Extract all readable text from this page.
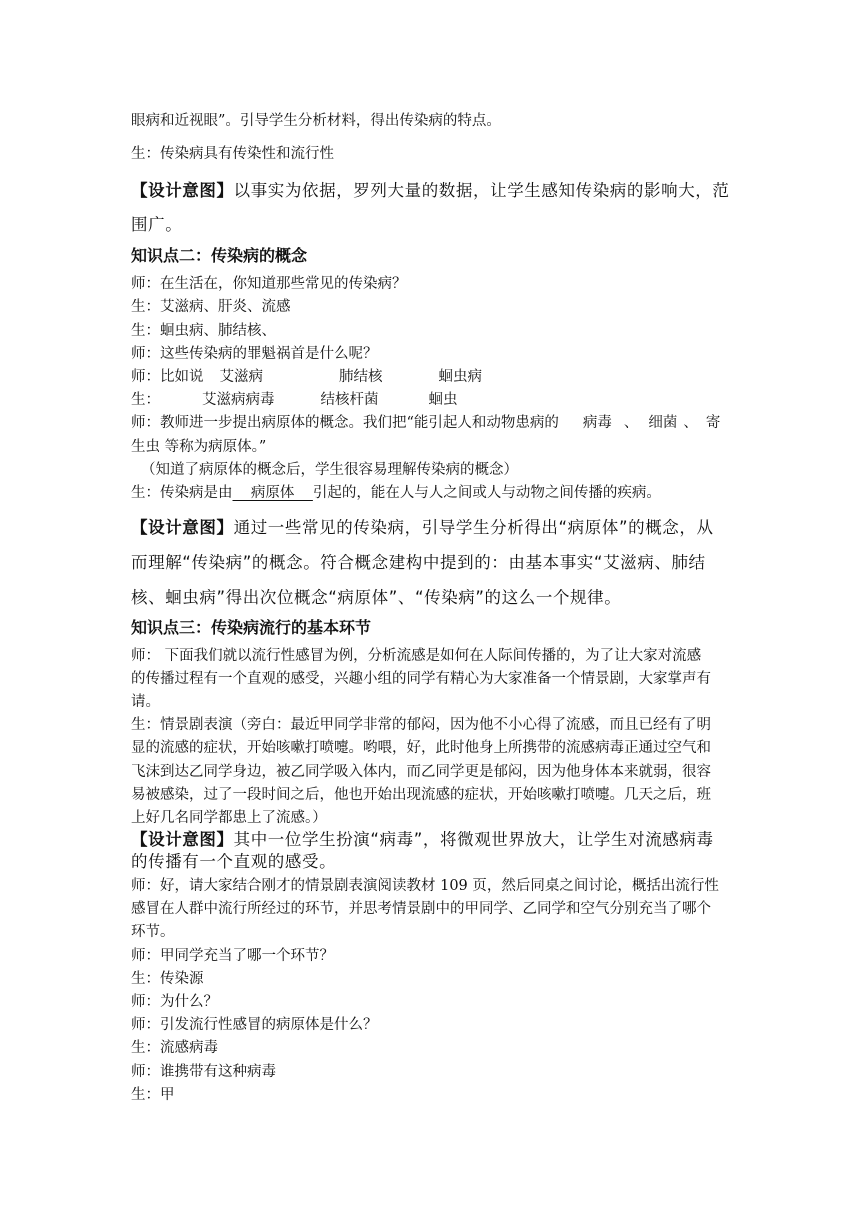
眼病和近视眼”。引导学生分析材料，得出传染病的特点。
生：传染病具有传染性和流行性
【设计意图】以事实为依据，罗列大量的数据，让学生感知传染病的影响大，范
围广。
知识点二：传染病的概念
师：在生活在，你知道那些常见的传染病？
生：艾滋病、肝炎、流感
生：蛔虫病、肺结核、
师：这些传染病的罪魁祸首是什么呢？
师：比如说 艾滋病	肺结核	蛔虫病
生：	艾滋病病毒	结核杆菌	蛔虫
师：教师进一步提出病原体的概念。我们把“能引起人和动物患病的 病毒 、 细菌 、 寄
生虫 等称为病原体。”
（知道了病原体的概念后，学生很容易理解传染病的概念）
生：传染病是由    病原体    引起的，能在人与人之间或人与动物之间传播的疾病。
【设计意图】通过一些常见的传染病，引导学生分析得出“病原体”的概念，从
而理解“传染病”的概念。符合概念建构中提到的：由基本事实“艾滋病、肺结
核、蛔虫病”得出次位概念“病原体”、“传染病”的这么一个规律。
知识点三：传染病流行的基本环节
师： 下面我们就以流行性感冒为例，分析流感是如何在人际间传播的，为了让大家对流感
的传播过程有一个直观的感受，兴趣小组的同学有精心为大家准备一个情景剧，大家掌声有
请。
生：情景剧表演（旁白：最近甲同学非常的郁闷，因为他不小心得了流感，而且已经有了明
显的流感的症状，开始咳嗽打喷嚏。哟喂，好，此时他身上所携带的流感病毒正通过空气和
飞沫到达乙同学身边，被乙同学吸入体内，而乙同学更是郁闷，因为他身体本来就弱，很容
易被感染，过了一段时间之后，他也开始出现流感的症状，开始咳嗽打喷嚏。几天之后，班
上好几名同学都患上了流感。）
【设计意图】其中一位学生扮演“病毒”，将微观世界放大，让学生对流感病毒
的传播有一个直观的感受。
师：好，请大家结合刚才的情景剧表演阅读教材 109 页，然后同桌之间讨论，概括出流行性
感冒在人群中流行所经过的环节，并思考情景剧中的甲同学、乙同学和空气分别充当了哪个
环节。
师：甲同学充当了哪一个环节？
生：传染源
师：为什么？
师：引发流行性感冒的病原体是什么？
生：流感病毒
师：谁携带有这种病毒
生：甲
